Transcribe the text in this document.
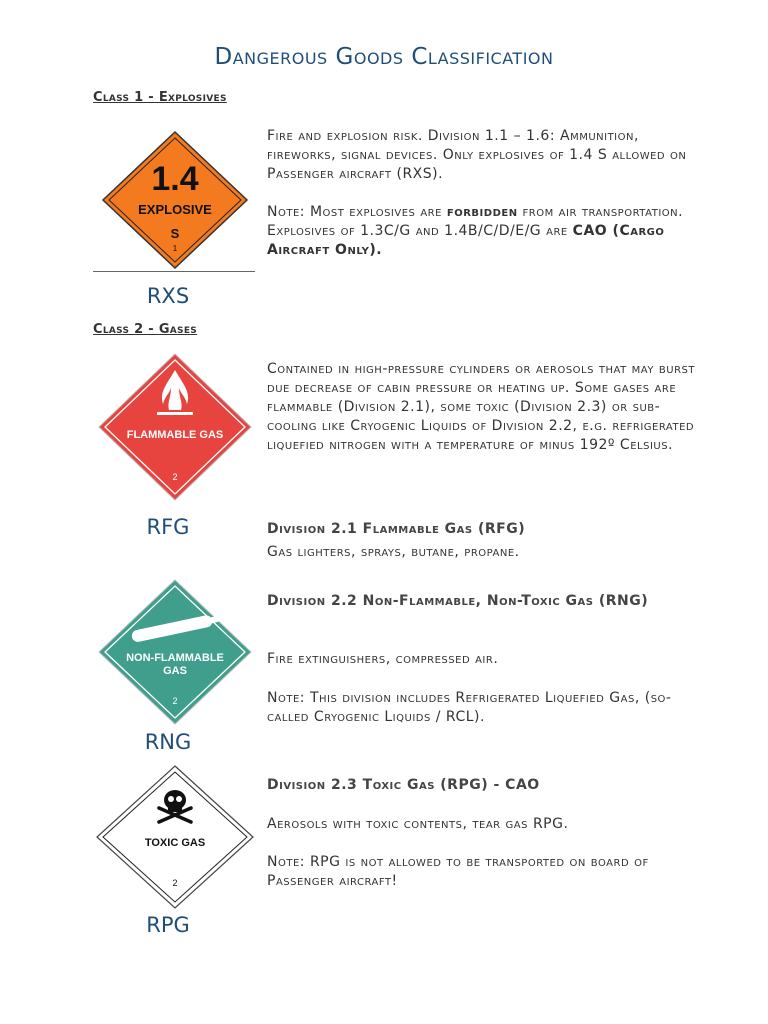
Dangerous Goods Classification
Class 1 - Explosives
1.4
EXPLOSIVE
S
1
RXS
Fire and explosion risk. Division 1.1 – 1.6: Ammunition, fireworks, signal devices. Only explosives of 1.4 S allowed on Passenger aircraft (RXS).
Note: Most explosives are forbidden from air transportation. Explosives of 1.3C/G and 1.4B/C/D/E/G are CAO (Cargo Aircraft Only).
Class 2 - Gases
FLAMMABLE GAS
2
RFG
Contained in high-pressure cylinders or aerosols that may burst due decrease of cabin pressure or heating up. Some gases are flammable (Division 2.1), some toxic (Division 2.3) or sub-cooling like Cryogenic Liquids of Division 2.2, e.g. refrigerated liquefied nitrogen with a temperature of minus 192º Celsius.
Division 2.1 Flammable Gas (RFG)
Gas lighters, sprays, butane, propane.
NON-FLAMMABLE
GAS
2
RNG
Division 2.2 Non-Flammable, Non-Toxic Gas (RNG)
Fire extinguishers, compressed air.
Note: This division includes Refrigerated Liquefied Gas, (so-called Cryogenic Liquids / RCL).
TOXIC GAS
2
RPG
Division 2.3 Toxic Gas (RPG) - CAO
Aerosols with toxic contents, tear gas RPG.
Note: RPG is not allowed to be transported on board of Passenger aircraft!
